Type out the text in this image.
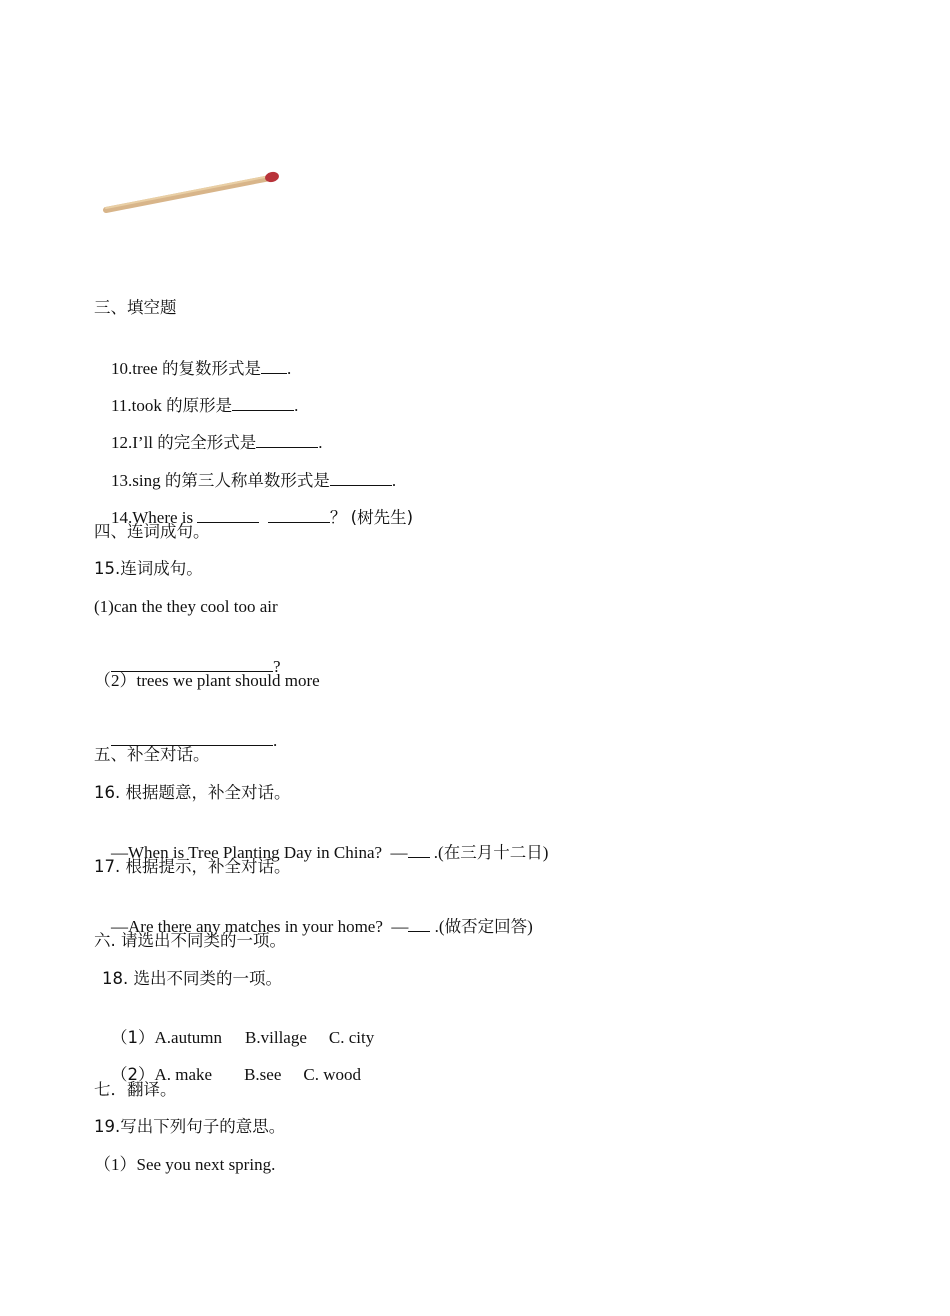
三、填空题

10.tree 的复数形式是 .

11.took 的原形是	.

12.I’ll 的完全形式是	.

13.sing 的第三人称单数形式是	.

14.Where is	？ (树先生)

四、连词成句。
15.连词成句。
(1)can the they cool too air

?

（2）trees we plant should more

.

五、补全对话。
16. 根据题意，补全对话。

—When is Tree Planting Day in China?  — .(在三月十二日)

17. 根据提示，补全对话。

—Are there any matches in your home?  — .(做否定回答)

六. 请选出不同类的一项。
18. 选出不同类的一项。

（1）A.autumn B.village C. city

（2）A. make B.see C. wood

七．翻译。
19.写出下列句子的意思。
（1）See you next spring.
